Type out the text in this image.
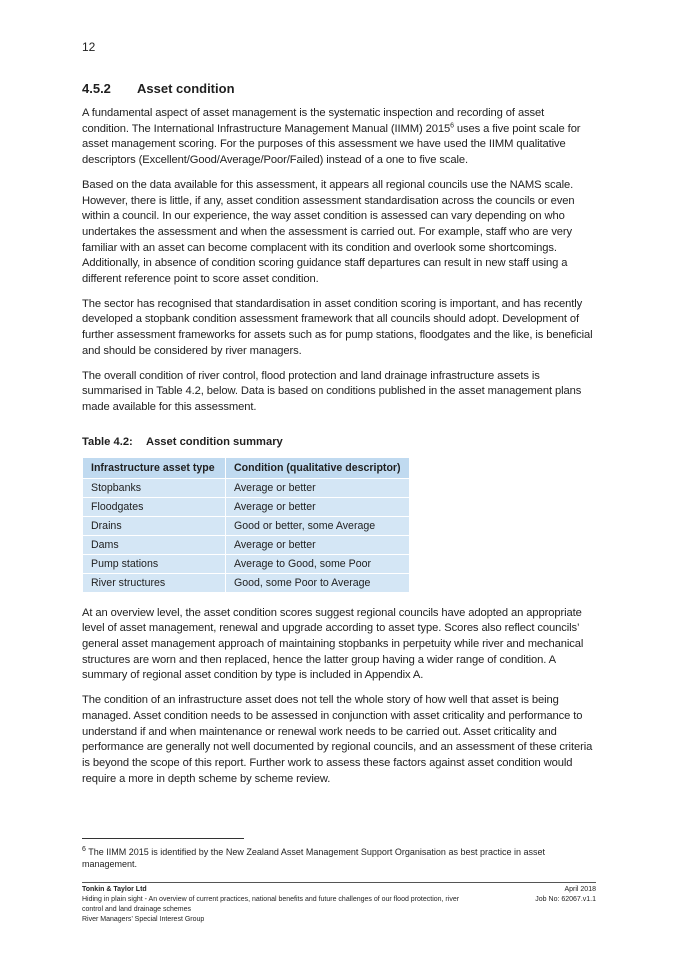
12
4.5.2 Asset condition

A fundamental aspect of asset management is the systematic inspection and recording of asset condition. The International Infrastructure Management Manual (IIMM) 2015$^6$ uses a five point scale for asset management scoring. For the purposes of this assessment we have used the IIMM qualitative descriptors (Excellent/Good/Average/Poor/Failed) instead of a one to five scale.

Based on the data available for this assessment, it appears all regional councils use the NAMS scale. However, there is little, if any, asset condition assessment standardisation across the councils or even within a council. In our experience, the way asset condition is assessed can vary depending on who undertakes the assessment and when the assessment is carried out. For example, staff who are very familiar with an asset can become complacent with its condition and overlook some shortcomings. Additionally, in absence of condition scoring guidance staff departures can result in new staff using a different reference point to score asset condition.

The sector has recognised that standardisation in asset condition scoring is important, and has recently developed a stopbank condition assessment framework that all councils should adopt. Development of further assessment frameworks for assets such as for pump stations, floodgates and the like, is beneficial and should be considered by river managers.

The overall condition of river control, flood protection and land drainage infrastructure assets is summarised in Table 4.2, below. Data is based on conditions published in the asset management plans made available for this assessment.

Table 4.2: Asset condition summary
Infrastructure asset type	Condition (qualitative descriptor)
Stopbanks	Average or better
Floodgates	Average or better
Drains	Good or better, some Average
Dams	Average or better
Pump stations	Average to Good, some Poor
River structures	Good, some Poor to Average

At an overview level, the asset condition scores suggest regional councils have adopted an appropriate level of asset management, renewal and upgrade according to asset type. Scores also reflect councils’ general asset management approach of maintaining stopbanks in perpetuity while river and mechanical structures are worn and then replaced, hence the latter group having a wider range of condition. A summary of regional asset condition by type is included in Appendix A.

The condition of an infrastructure asset does not tell the whole story of how well that asset is being managed. Asset condition needs to be assessed in conjunction with asset criticality and performance to understand if and when maintenance or renewal work needs to be carried out. Asset criticality and performance are generally not well documented by regional councils, and an assessment of these criteria is beyond the scope of this report. Further work to assess these factors against asset condition would require a more in depth scheme by scheme review.

$^6$ The IIMM 2015 is identified by the New Zealand Asset Management Support Organisation as best practice in asset management.
Tonkin & Taylor Ltd
Hiding in plain sight - An overview of current practices, national benefits and future challenges of our flood protection, river control and land drainage schemes
River Managers’ Special Interest Group
April 2018
Job No: 62067.v1.1
